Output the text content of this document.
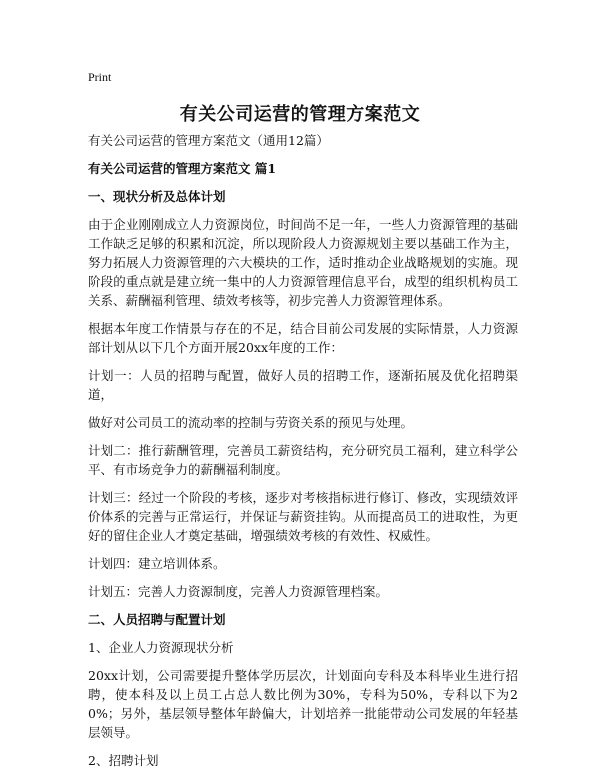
Print
有关公司运营的管理方案范文

有关公司运营的管理方案范文（通用12篇）

有关公司运营的管理方案范文 篇1

一、现状分析及总体计划

由于企业刚刚成立人力资源岗位，时间尚不足一年，一些人力资源管理的基础工作缺乏足够的积累和沉淀，所以现阶段人力资源规划主要以基础工作为主，努力拓展人力资源管理的六大模块的工作，适时推动企业战略规划的实施。现阶段的重点就是建立统一集中的人力资源管理信息平台，成型的组织机构员工关系、薪酬福利管理、绩效考核等，初步完善人力资源管理体系。

根据本年度工作情景与存在的不足，结合目前公司发展的实际情景，人力资源部计划从以下几个方面开展20xx年度的工作：

计划一：人员的招聘与配置，做好人员的招聘工作，逐渐拓展及优化招聘渠道，

做好对公司员工的流动率的控制与劳资关系的预见与处理。

计划二：推行薪酬管理，完善员工薪资结构，充分研究员工福利，建立科学公平、有市场竞争力的薪酬福利制度。

计划三：经过一个阶段的考核，逐步对考核指标进行修订、修改，实现绩效评价体系的完善与正常运行，并保证与薪资挂钩。从而提高员工的进取性，为更好的留住企业人才奠定基础，增强绩效考核的有效性、权威性。

计划四：建立培训体系。

计划五：完善人力资源制度，完善人力资源管理档案。

二、人员招聘与配置计划

1、企业人力资源现状分析

20xx计划，公司需要提升整体学历层次，计划面向专科及本科毕业生进行招聘，使本科及以上员工占总人数比例为30%，专科为50%，专科以下为20%；另外，基层领导整体年龄偏大，计划培养一批能带动公司发展的年轻基层领导。

2、招聘计划
